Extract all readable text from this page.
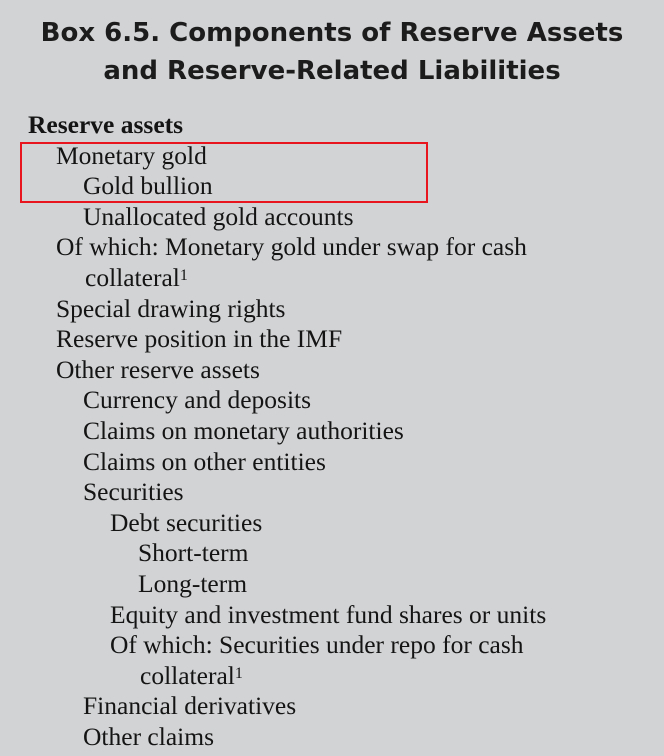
Box 6.5. Components of Reserve Assets
and Reserve-Related Liabilities
Reserve assets
Monetary gold
Gold bullion
Unallocated gold accounts
Of which: Monetary gold under swap for cash
collateral$^1$
Special drawing rights
Reserve position in the IMF
Other reserve assets
Currency and deposits
Claims on monetary authorities
Claims on other entities
Securities
Debt securities
Short-term
Long-term
Equity and investment fund shares or units
Of which: Securities under repo for cash
collateral$^1$
Financial derivatives
Other claims
